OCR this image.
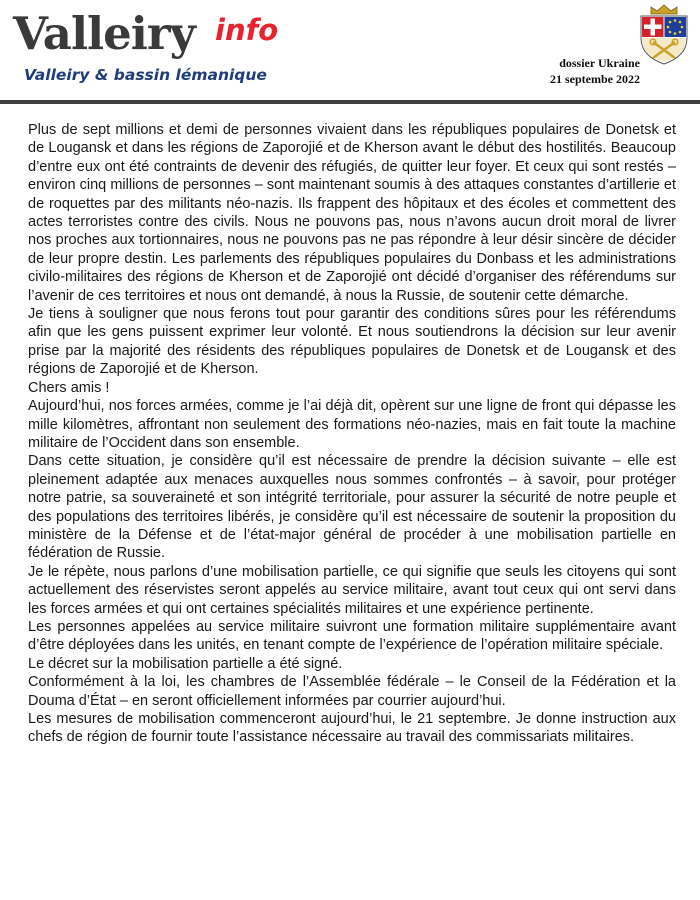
Valleiry info
Valleiry & bassin lémanique
dossier Ukraine
21 septembe 2022

Plus de sept millions et demi de personnes vivaient dans les républiques populaires de Donetsk et de Lougansk et dans les régions de Zaporojié et de Kherson avant le début des hostilités. Beaucoup d’entre eux ont été contraints de devenir des réfugiés, de quitter leur foyer. Et ceux qui sont restés – environ cinq millions de personnes – sont maintenant soumis à des attaques constantes d’artillerie et de roquettes par des militants néo-nazis. Ils frappent des hôpitaux et des écoles et commettent des actes terroristes contre des civils. Nous ne pouvons pas, nous n’avons aucun droit moral de livrer nos proches aux tortionnaires, nous ne pouvons pas ne pas répondre à leur désir sincère de décider de leur propre destin. Les parlements des républiques populaires du Donbass et les administrations civilo-militaires des régions de Kherson et de Zaporojié ont décidé d’organiser des référendums sur l’avenir de ces territoires et nous ont demandé, à nous la Russie, de soutenir cette démarche.

Je tiens à souligner que nous ferons tout pour garantir des conditions sûres pour les référendums afin que les gens puissent exprimer leur volonté. Et nous soutiendrons la décision sur leur avenir prise par la majorité des résidents des républiques populaires de Donetsk et de Lougansk et des régions de Zaporojié et de Kherson.

Chers amis !

Aujourd’hui, nos forces armées, comme je l’ai déjà dit, opèrent sur une ligne de front qui dépasse les mille kilomètres, affrontant non seulement des formations néo-nazies, mais en fait toute la machine militaire de l’Occident dans son ensemble.

Dans cette situation, je considère qu’il est nécessaire de prendre la décision suivante – elle est pleinement adaptée aux menaces auxquelles nous sommes confrontés – à savoir, pour protéger notre patrie, sa souveraineté et son intégrité territoriale, pour assurer la sécurité de notre peuple et des populations des territoires libérés, je considère qu’il est nécessaire de soutenir la proposition du ministère de la Défense et de l’état-major général de procéder à une mobilisation partielle en fédération de Russie.

Je le répète, nous parlons d’une mobilisation partielle, ce qui signifie que seuls les citoyens qui sont actuellement des réservistes seront appelés au service militaire, avant tout ceux qui ont servi dans les forces armées et qui ont certaines spécialités militaires et une expérience pertinente.

Les personnes appelées au service militaire suivront une formation militaire supplémentaire avant d’être déployées dans les unités, en tenant compte de l’expérience de l’opération militaire spéciale.

Le décret sur la mobilisation partielle a été signé.

Conformément à la loi, les chambres de l’Assemblée fédérale – le Conseil de la Fédération et la Douma d’État – en seront officiellement informées par courrier aujourd’hui.

Les mesures de mobilisation commenceront aujourd’hui, le 21 septembre. Je donne instruction aux chefs de région de fournir toute l’assistance nécessaire au travail des commissariats militaires.
